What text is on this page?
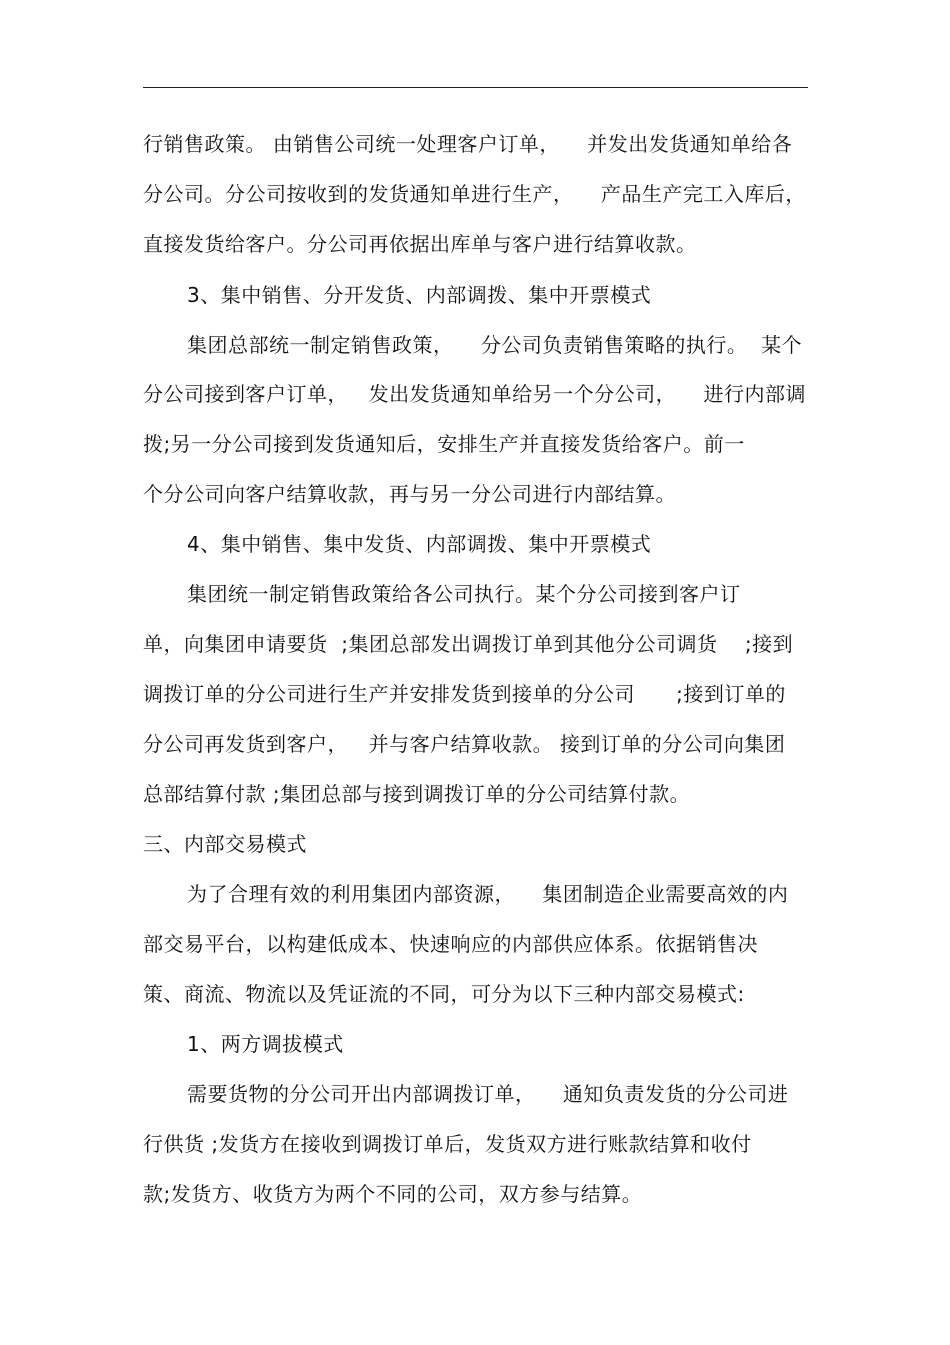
行销售政策。 由销售公司统一处理客户订单，    并发出发货通知单给各
分公司。分公司按收到的发货通知单进行生产，    产品生产完工入库后，
直接发货给客户。分公司再依据出库单与客户进行结算收款。
3、集中销售、分开发货、内部调拨、集中开票模式
集团总部统一制定销售政策，    分公司负责销售策略的执行。  某个
分公司接到客户订单，   发出发货通知单给另一个分公司，    进行内部调
拨;另一分公司接到发货通知后，安排生产并直接发货给客户。前一
个分公司向客户结算收款，再与另一分公司进行内部结算。
4、集中销售、集中发货、内部调拨、集中开票模式
集团统一制定销售政策给各公司执行。某个分公司接到客户订
单，向集团申请要货  ;集团总部发出调拨订单到其他分公司调货    ;接到
调拨订单的分公司进行生产并安排发货到接单的分公司      ;接到订单的
分公司再发货到客户，   并与客户结算收款。 接到订单的分公司向集团
总部结算付款 ;集团总部与接到调拨订单的分公司结算付款。
三、内部交易模式
为了合理有效的利用集团内部资源，    集团制造企业需要高效的内
部交易平台，以构建低成本、快速响应的内部供应体系。依据销售决
策、商流、物流以及凭证流的不同，可分为以下三种内部交易模式:
1、两方调拔模式
需要货物的分公司开出内部调拨订单，    通知负责发货的分公司进
行供货 ;发货方在接收到调拨订单后，发货双方进行账款结算和收付
款;发货方、收货方为两个不同的公司，双方参与结算。
